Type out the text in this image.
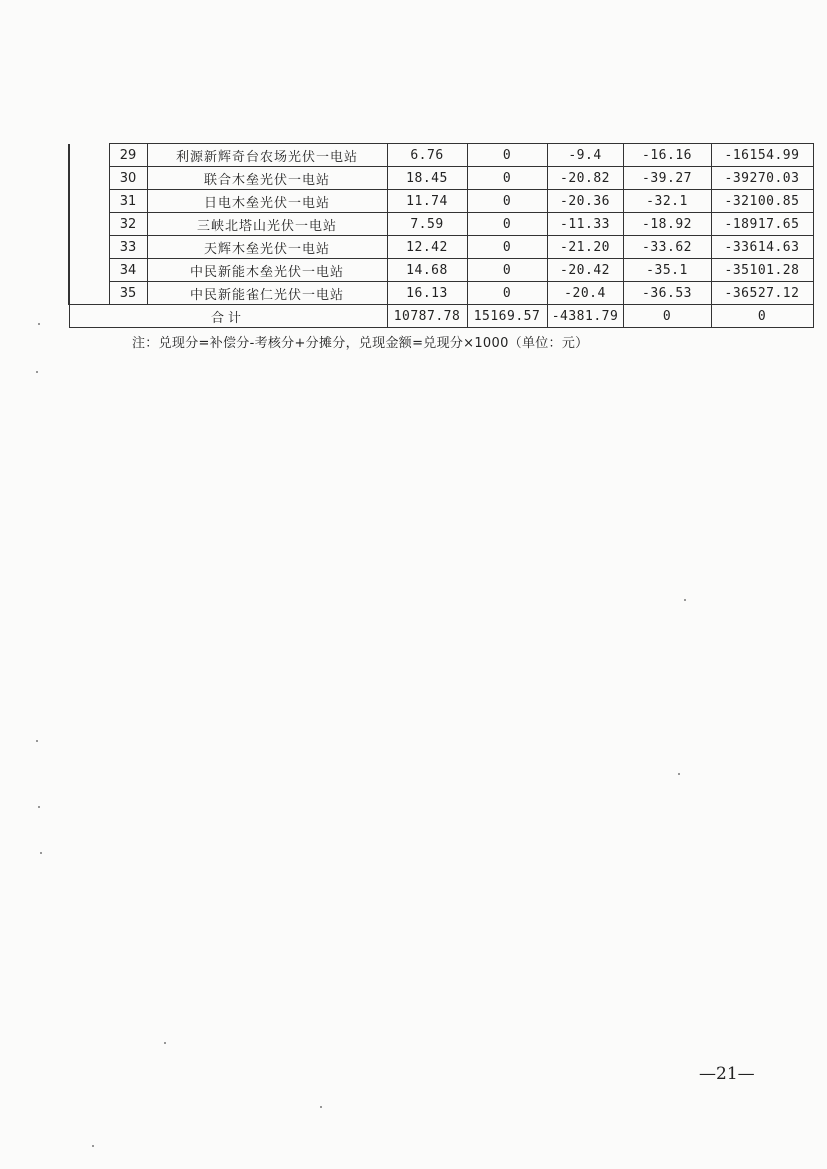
	29	利源新辉奇台农场光伏一电站	6.76	0	-9.4	-16.16	-16154.99
	30	联合木垒光伏一电站	18.45	0	-20.82	-39.27	-39270.03
	31	日电木垒光伏一电站	11.74	0	-20.36	-32.1	-32100.85
	32	三峡北塔山光伏一电站	7.59	0	-11.33	-18.92	-18917.65
	33	天辉木垒光伏一电站	12.42	0	-21.20	-33.62	-33614.63
	34	中民新能木垒光伏一电站	14.68	0	-20.42	-35.1	-35101.28
	35	中民新能雀仁光伏一电站	16.13	0	-20.4	-36.53	-36527.12
合计			10787.78	15169.57	-4381.79	0	0
注：兑现分=补偿分-考核分+分摊分，兑现金额=兑现分×1000（单位：元）
—21—
